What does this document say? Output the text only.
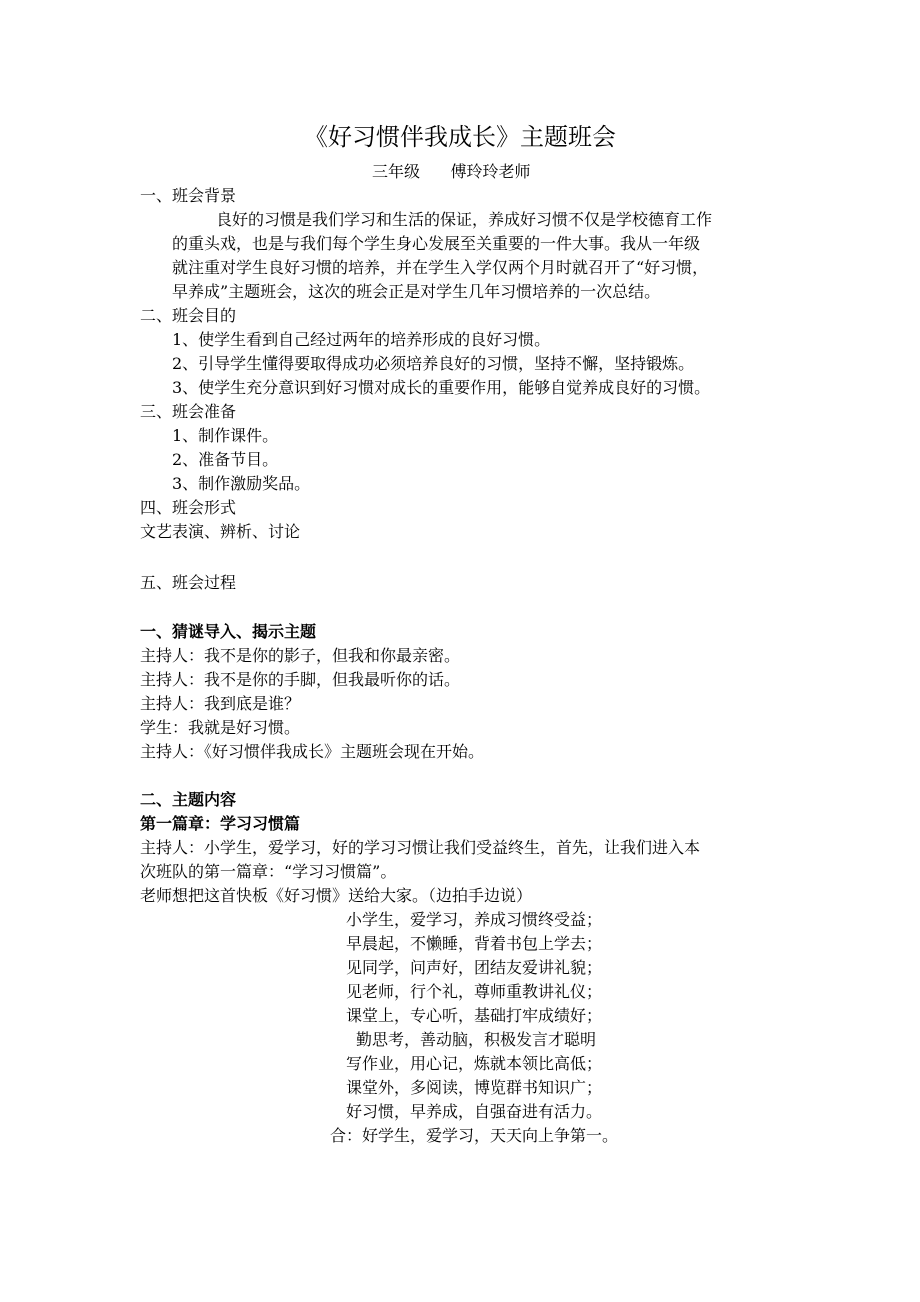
《好习惯伴我成长》主题班会
三年级      傅玲玲老师
一、班会背景
良好的习惯是我们学习和生活的保证，养成好习惯不仅是学校德育工作
的重头戏，也是与我们每个学生身心发展至关重要的一件大事。我从一年级
就注重对学生良好习惯的培养，并在学生入学仅两个月时就召开了“好习惯，
早养成”主题班会，这次的班会正是对学生几年习惯培养的一次总结。
二、班会目的
1、使学生看到自己经过两年的培养形成的良好习惯。
2、引导学生懂得要取得成功必须培养良好的习惯，坚持不懈，坚持锻炼。
3、使学生充分意识到好习惯对成长的重要作用，能够自觉养成良好的习惯。
三、班会准备
1、制作课件。
2、准备节目。
3、制作激励奖品。
四、班会形式
文艺表演、辨析、讨论
五、班会过程
一、猜谜导入、揭示主题
主持人：我不是你的影子，但我和你最亲密。
主持人：我不是你的手脚，但我最听你的话。
主持人：我到底是谁？
学生：我就是好习惯。
主持人：《好习惯伴我成长》主题班会现在开始。
二、主题内容
第一篇章：学习习惯篇
主持人：小学生，爱学习，好的学习习惯让我们受益终生，首先，让我们进入本
次班队的第一篇章：“学习习惯篇”。
老师想把这首快板《好习惯》送给大家。（边拍手边说）
小学生，爱学习，养成习惯终受益；
早晨起，不懒睡，背着书包上学去；
见同学，问声好，团结友爱讲礼貌；
见老师，行个礼，尊师重教讲礼仪；
课堂上，专心听，基础打牢成绩好；
勤思考，善动脑，积极发言才聪明
写作业，用心记，炼就本领比高低；
课堂外，多阅读，博览群书知识广；
好习惯，早养成，自强奋进有活力。
合：好学生，爱学习，天天向上争第一。
